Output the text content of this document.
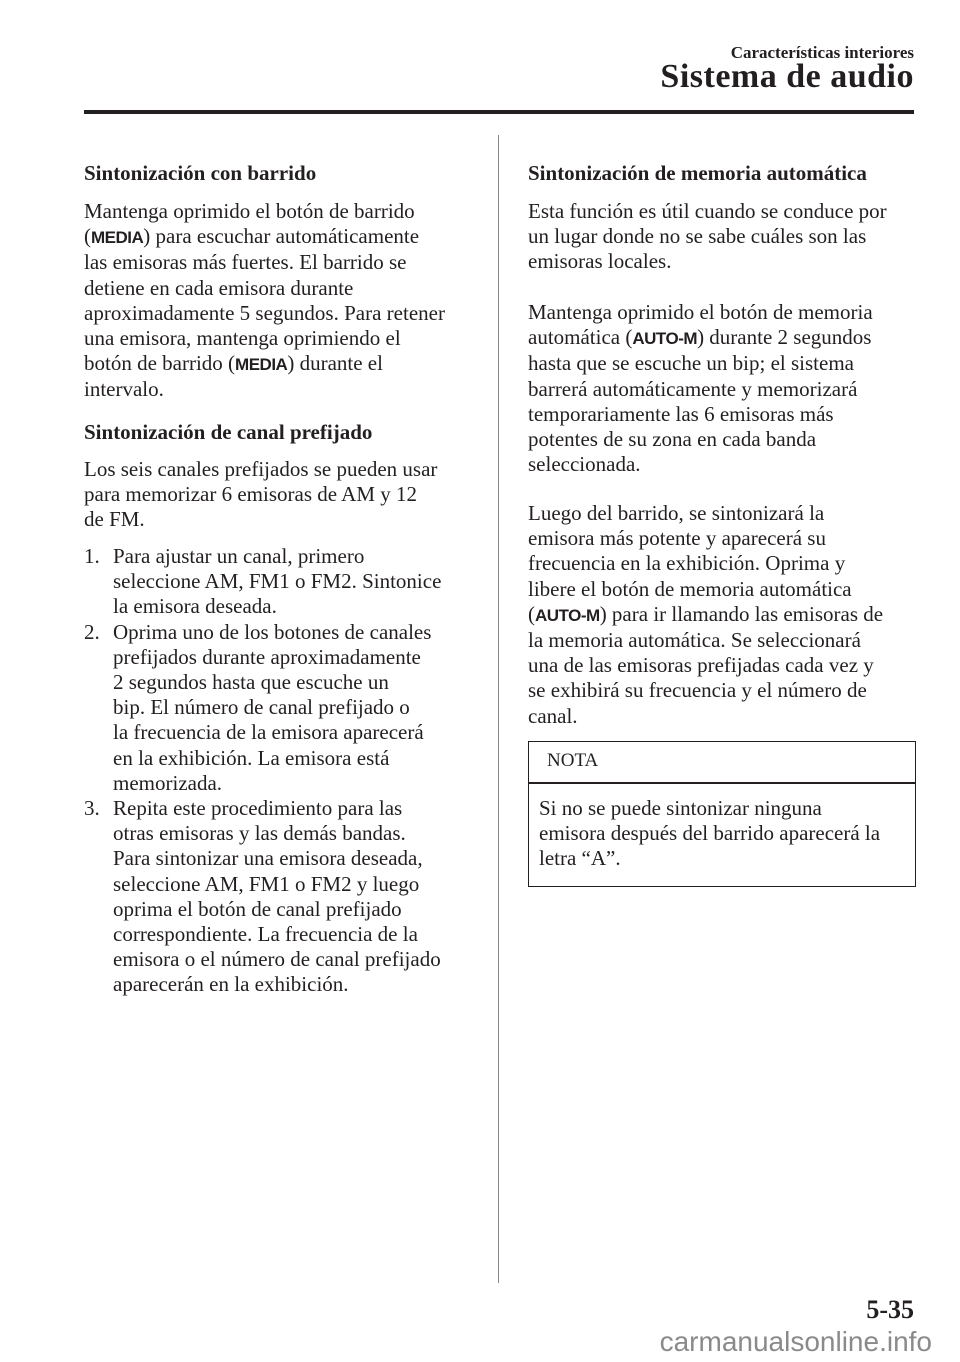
Características interiores
Sistema de audio
Sintonización con barrido
Mantenga oprimido el botón de barrido
(MEDIA) para escuchar automáticamente
las emisoras más fuertes. El barrido se
detiene en cada emisora durante
aproximadamente 5 segundos. Para retener
una emisora, mantenga oprimiendo el
botón de barrido (MEDIA) durante el
intervalo.
Sintonización de canal prefijado
Los seis canales prefijados se pueden usar
para memorizar 6 emisoras de AM y 12
de FM.
1. Para ajustar un canal, primero
seleccione AM, FM1 o FM2. Sintonice
la emisora deseada.
2. Oprima uno de los botones de canales
prefijados durante aproximadamente
2 segundos hasta que escuche un
bip. El número de canal prefijado o
la frecuencia de la emisora aparecerá
en la exhibición. La emisora está
memorizada.
3. Repita este procedimiento para las
otras emisoras y las demás bandas.
Para sintonizar una emisora deseada,
seleccione AM, FM1 o FM2 y luego
oprima el botón de canal prefijado
correspondiente. La frecuencia de la
emisora o el número de canal prefijado
aparecerán en la exhibición.
Sintonización de memoria automática
Esta función es útil cuando se conduce por
un lugar donde no se sabe cuáles son las
emisoras locales.
Mantenga oprimido el botón de memoria
automática (AUTO-M) durante 2 segundos
hasta que se escuche un bip; el sistema
barrerá automáticamente y memorizará
temporariamente las 6 emisoras más
potentes de su zona en cada banda
seleccionada.
Luego del barrido, se sintonizará la
emisora más potente y aparecerá su
frecuencia en la exhibición. Oprima y
libere el botón de memoria automática
(AUTO-M) para ir llamando las emisoras de
la memoria automática. Se seleccionará
una de las emisoras prefijadas cada vez y
se exhibirá su frecuencia y el número de
canal.
NOTA
Si no se puede sintonizar ninguna
emisora después del barrido aparecerá la
letra “A”.
5-35
carmanualsonline.info
